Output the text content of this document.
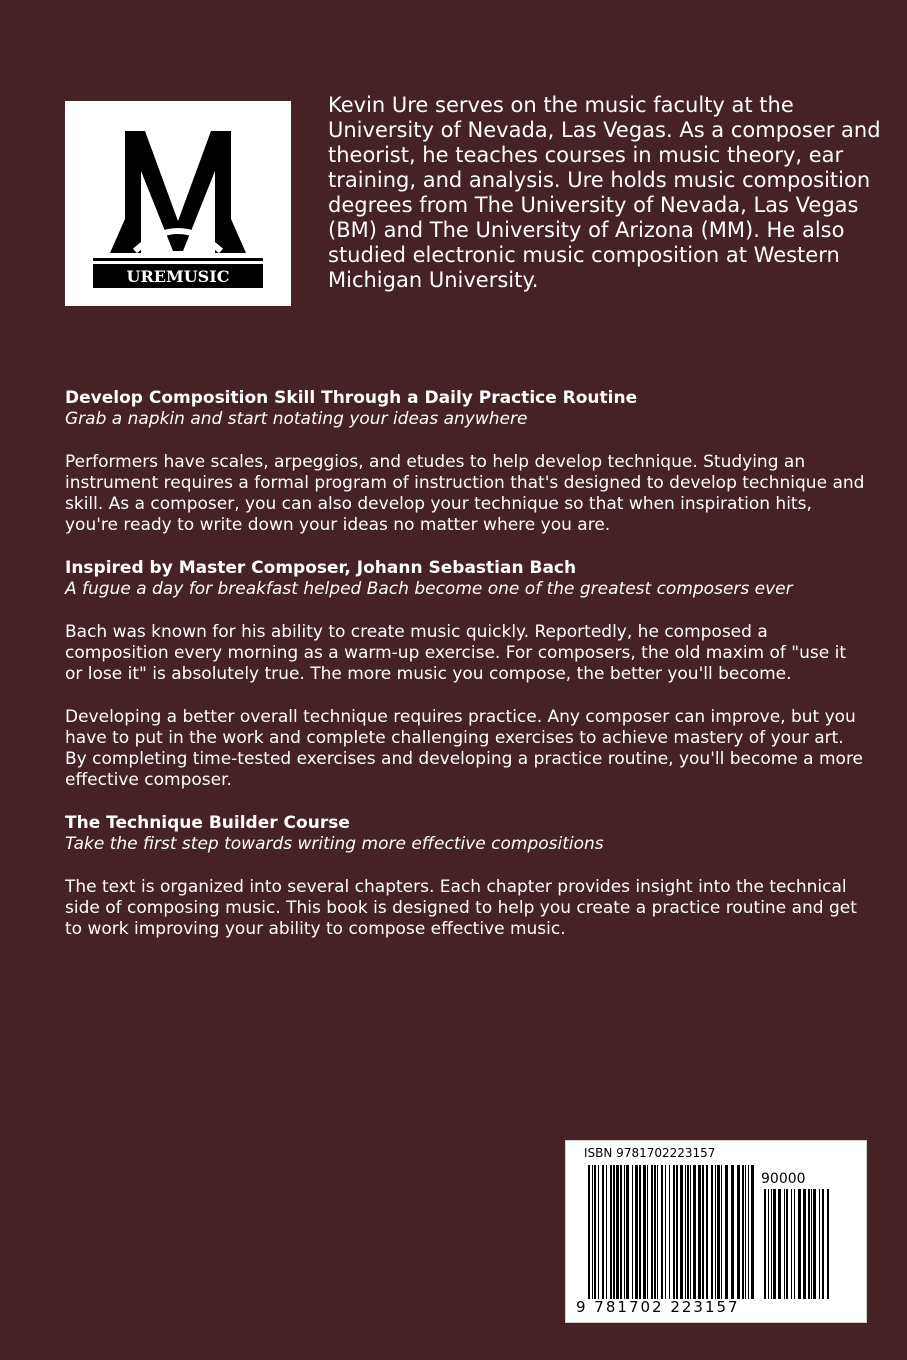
UREMUSIC

Kevin Ure serves on the music faculty at the University of Nevada, Las Vegas. As a composer and theorist, he teaches courses in music theory, ear training, and analysis. Ure holds music composition degrees from The University of Nevada, Las Vegas (BM) and The University of Arizona (MM). He also studied electronic music composition at Western Michigan University.

Develop Composition Skill Through a Daily Practice Routine

Grab a napkin and start notating your ideas anywhere

Performers have scales, arpeggios, and etudes to help develop technique. Studying an instrument requires a formal program of instruction that's designed to develop technique and skill. As a composer, you can also develop your technique so that when inspiration hits, you're ready to write down your ideas no matter where you are.

Inspired by Master Composer, Johann Sebastian Bach

A fugue a day for breakfast helped Bach become one of the greatest composers ever

Bach was known for his ability to create music quickly. Reportedly, he composed a composition every morning as a warm-up exercise. For composers, the old maxim of "use it or lose it" is absolutely true. The more music you compose, the better you'll become.

Developing a better overall technique requires practice. Any composer can improve, but you have to put in the work and complete challenging exercises to achieve mastery of your art. By completing time-tested exercises and developing a practice routine, you'll become a more effective composer.

The Technique Builder Course

Take the first step towards writing more effective compositions

The text is organized into several chapters. Each chapter provides insight into the technical side of composing music. This book is designed to help you create a practice routine and get to work improving your ability to compose effective music.

ISBN 9781702223157
90000
9 781702 223157
